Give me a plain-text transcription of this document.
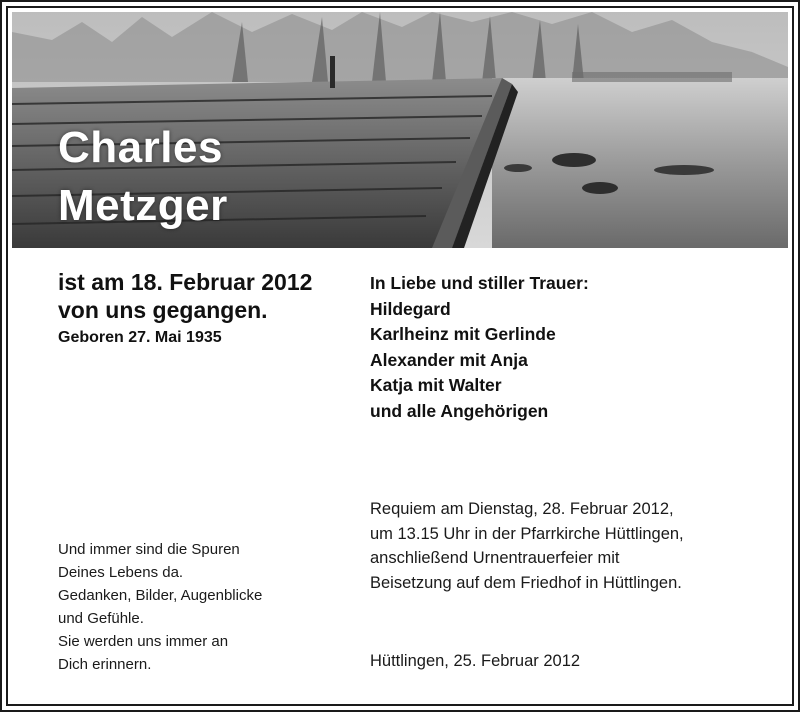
Charles
Metzger
ist am 18. Februar 2012
von uns gegangen.
Geboren 27. Mai 1935
In Liebe und stiller Trauer:
Hildegard
Karlheinz mit Gerlinde
Alexander mit Anja
Katja mit Walter
und alle Angehörigen
Und immer sind die Spuren
Deines Lebens da.
Gedanken, Bilder, Augenblicke
und Gefühle.
Sie werden uns immer an
Dich erinnern.
Requiem am Dienstag, 28. Februar 2012,
um 13.15 Uhr in der Pfarrkirche Hüttlingen,
anschließend Urnentrauerfeier mit
Beisetzung auf dem Friedhof in Hüttlingen.
Hüttlingen, 25. Februar 2012
